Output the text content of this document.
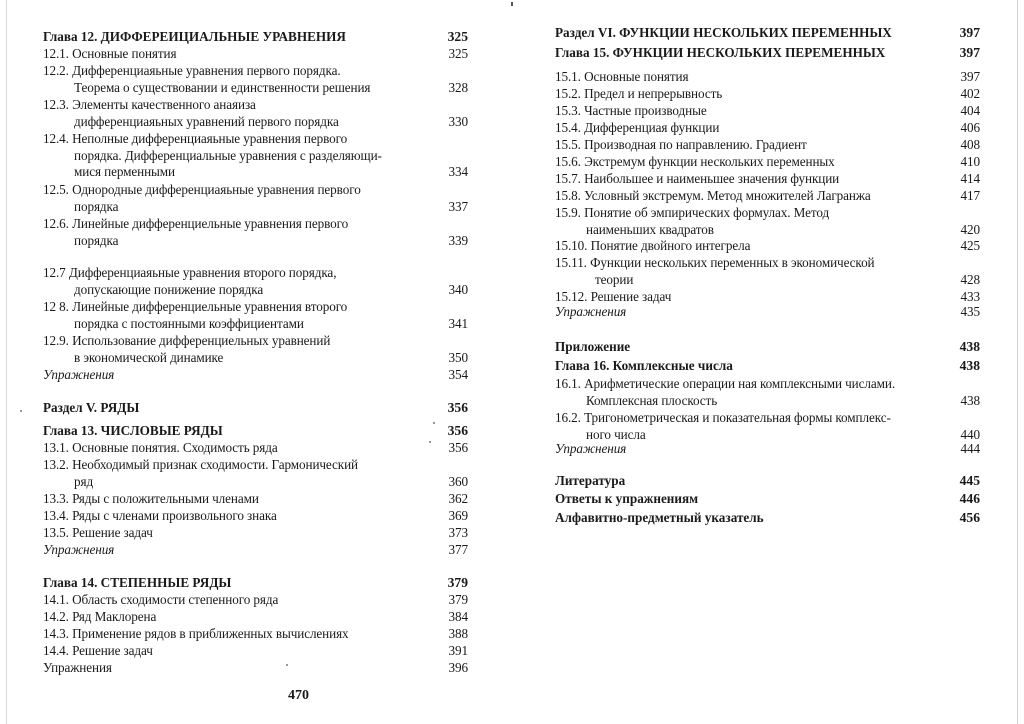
Глава 12. ДИФФЕРЕИЦИАЛЬНЫЕ УРАВНЕНИЯ	325
12.1. Основные понятия	325
12.2. Дифференциаяьные уравнения первого порядка.
Теорема о существовании и единственности решения	328
12.3. Элементы качественного анаяиза
дифференциаяьных уравнений первого порядка	330
12.4. Неполные дифференциаяьные уравнения первого
порядка. Дифференциальные уравнения с разделяющи-
мися перменными	334
12.5. Однородные дифференциаяьные уравнения первого
порядка	337
12.6. Линейные дифференциельные уравнения первого
порядка	339
12.7 Дифференциаяьные уравнения второго порядка,
допускающие понижение порядка	340
12 8. Линейные дифференциельные уравнения второго
порядка с постоянными коэффициентами	341
12.9. Использование дифференциельных уравнений
в экономической динамике	350
Упражнения	354
Раздел V. РЯДЫ	356
Глава 13. ЧИСЛОВЫЕ РЯДЫ	356
13.1. Основные понятия. Сходимость ряда	356
13.2. Необходимый признак сходимости. Гармонический
ряд	360
13.3. Ряды с положительными членами	362
13.4. Ряды с членами произвольного знака	369
13.5. Решение задач	373
Упражнения	377
Глава 14. СТЕПЕННЫЕ РЯДЫ	379
14.1. Область сходимости степенного ряда	379
14.2. Ряд Маклорена	384
14.3. Применение рядов в приближенных вычислениях	388
14.4. Решение задач	391
Упражнения	396
470
Раздел VI. ФУНКЦИИ НЕСКОЛЬКИХ ПЕРЕМЕННЫХ	397
Глава 15. ФУНКЦИИ НЕСКОЛЬКИХ ПЕРЕМЕННЫХ	397
15.1. Основные понятия	397
15.2. Предел и непрерывность	402
15.3. Частные производные	404
15.4. Дифференциая функции	406
15.5. Производная по направлению. Градиент	408
15.6. Экстремум функции нескольких переменных	410
15.7. Наибольшее и наименьшее значения функции	414
15.8. Условный экстремум. Метод множителей Лагранжа	417
15.9. Понятие об эмпирических формулах. Метод
наименьших квадратов	420
15.10. Понятие двойного интегрела	425
15.11. Функции нескольких переменных в экономической
теории	428
15.12. Решение задач	433
Упражнения	435
Приложение	438
Глава 16. Комплексные числа	438
16.1. Арифметические операции ная комплексными числами.
Комплексная плоскость	438
16.2. Тригонометрическая и показательная формы комплекс-
ного числа	440
Упражнения	444
Литература	445
Ответы к упражнениям	446
Алфавитно-предметный указатель	456
